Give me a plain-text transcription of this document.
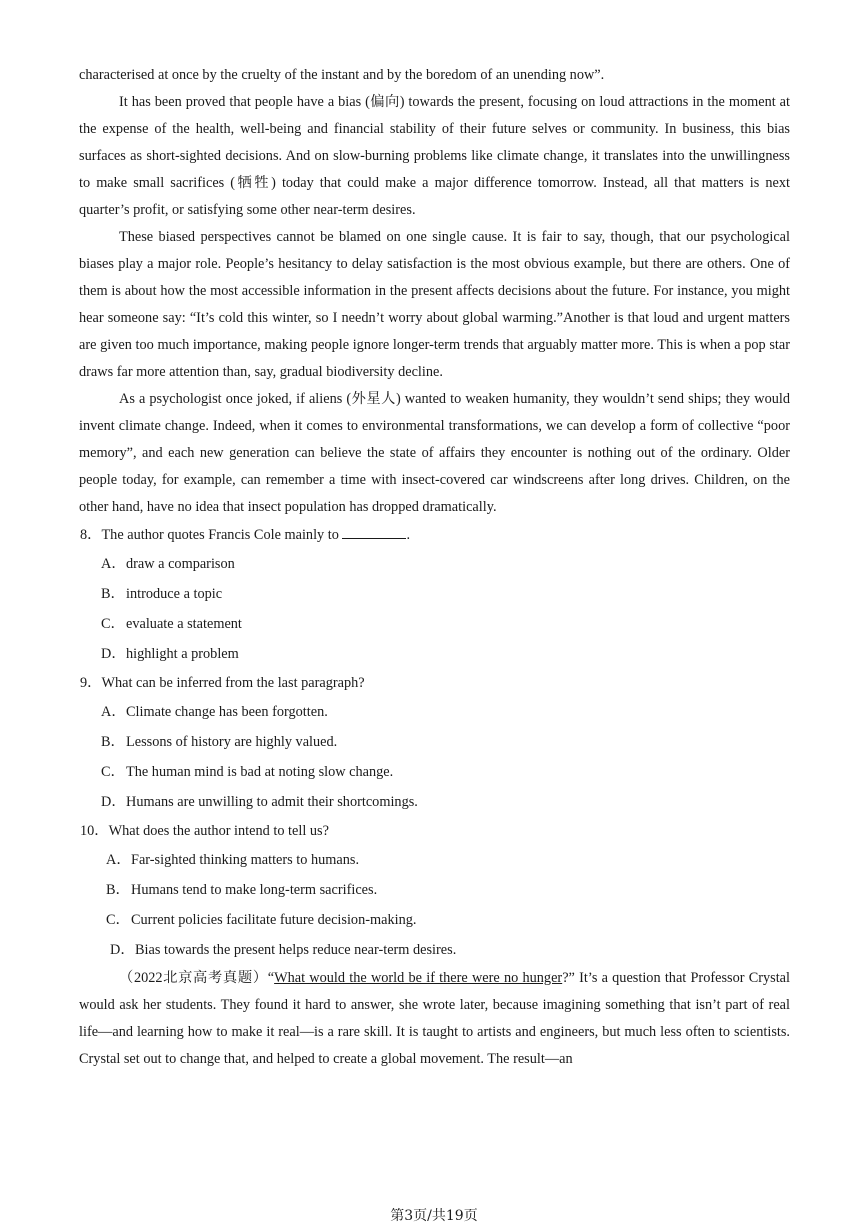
characterised at once by the cruelty of the instant and by the boredom of an unending now”.

It has been proved that people have a bias (偏向) towards the present, focusing on loud attractions in the moment at the expense of the health, well-being and financial stability of their future selves or community. In business, this bias surfaces as short-sighted decisions. And on slow-burning problems like climate change, it translates into the unwillingness to make small sacrifices (牺牲) today that could make a major difference tomorrow. Instead, all that matters is next quarter’s profit, or satisfying some other near-term desires.

These biased perspectives cannot be blamed on one single cause. It is fair to say, though, that our psychological biases play a major role. People’s hesitancy to delay satisfaction is the most obvious example, but there are others. One of them is about how the most accessible information in the present affects decisions about the future. For instance, you might hear someone say: “It’s cold this winter, so I needn’t worry about global warming.”Another is that loud and urgent matters are given too much importance, making people ignore longer-term trends that arguably matter more. This is when a pop star draws far more attention than, say, gradual biodiversity decline.

As a psychologist once joked, if aliens (外星人) wanted to weaken humanity, they wouldn’t send ships; they would invent climate change. Indeed, when it comes to environmental transformations, we can develop a form of collective “poor memory”, and each new generation can believe the state of affairs they encounter is nothing out of the ordinary. Older people today, for example, can remember a time with insect-covered car windscreens after long drives. Children, on the other hand, have no idea that insect population has dropped dramatically.

8．The author quotes Francis Cole mainly to	.

A．draw a comparison

B．introduce a topic

C．evaluate a statement

D．highlight a problem

9．What can be inferred from the last paragraph?

A．Climate change has been forgotten.

B．Lessons of history are highly valued.

C．The human mind is bad at noting slow change.

D．Humans are unwilling to admit their shortcomings.

10．What does the author intend to tell us?

A．Far-sighted thinking matters to humans.

B．Humans tend to make long-term sacrifices.

C．Current policies facilitate future decision-making.

D．Bias towards the present helps reduce near-term desires.

（2022北京高考真题）“What would the world be if there were no hunger?” It’s a question that Professor Crystal would ask her students. They found it hard to answer, she wrote later, because imagining something that isn’t part of real life—and learning how to make it real—is a rare skill. It is taught to artists and engineers, but much less often to scientists. Crystal set out to change that, and helped to create a global movement. The result—an

第3页/共19页
